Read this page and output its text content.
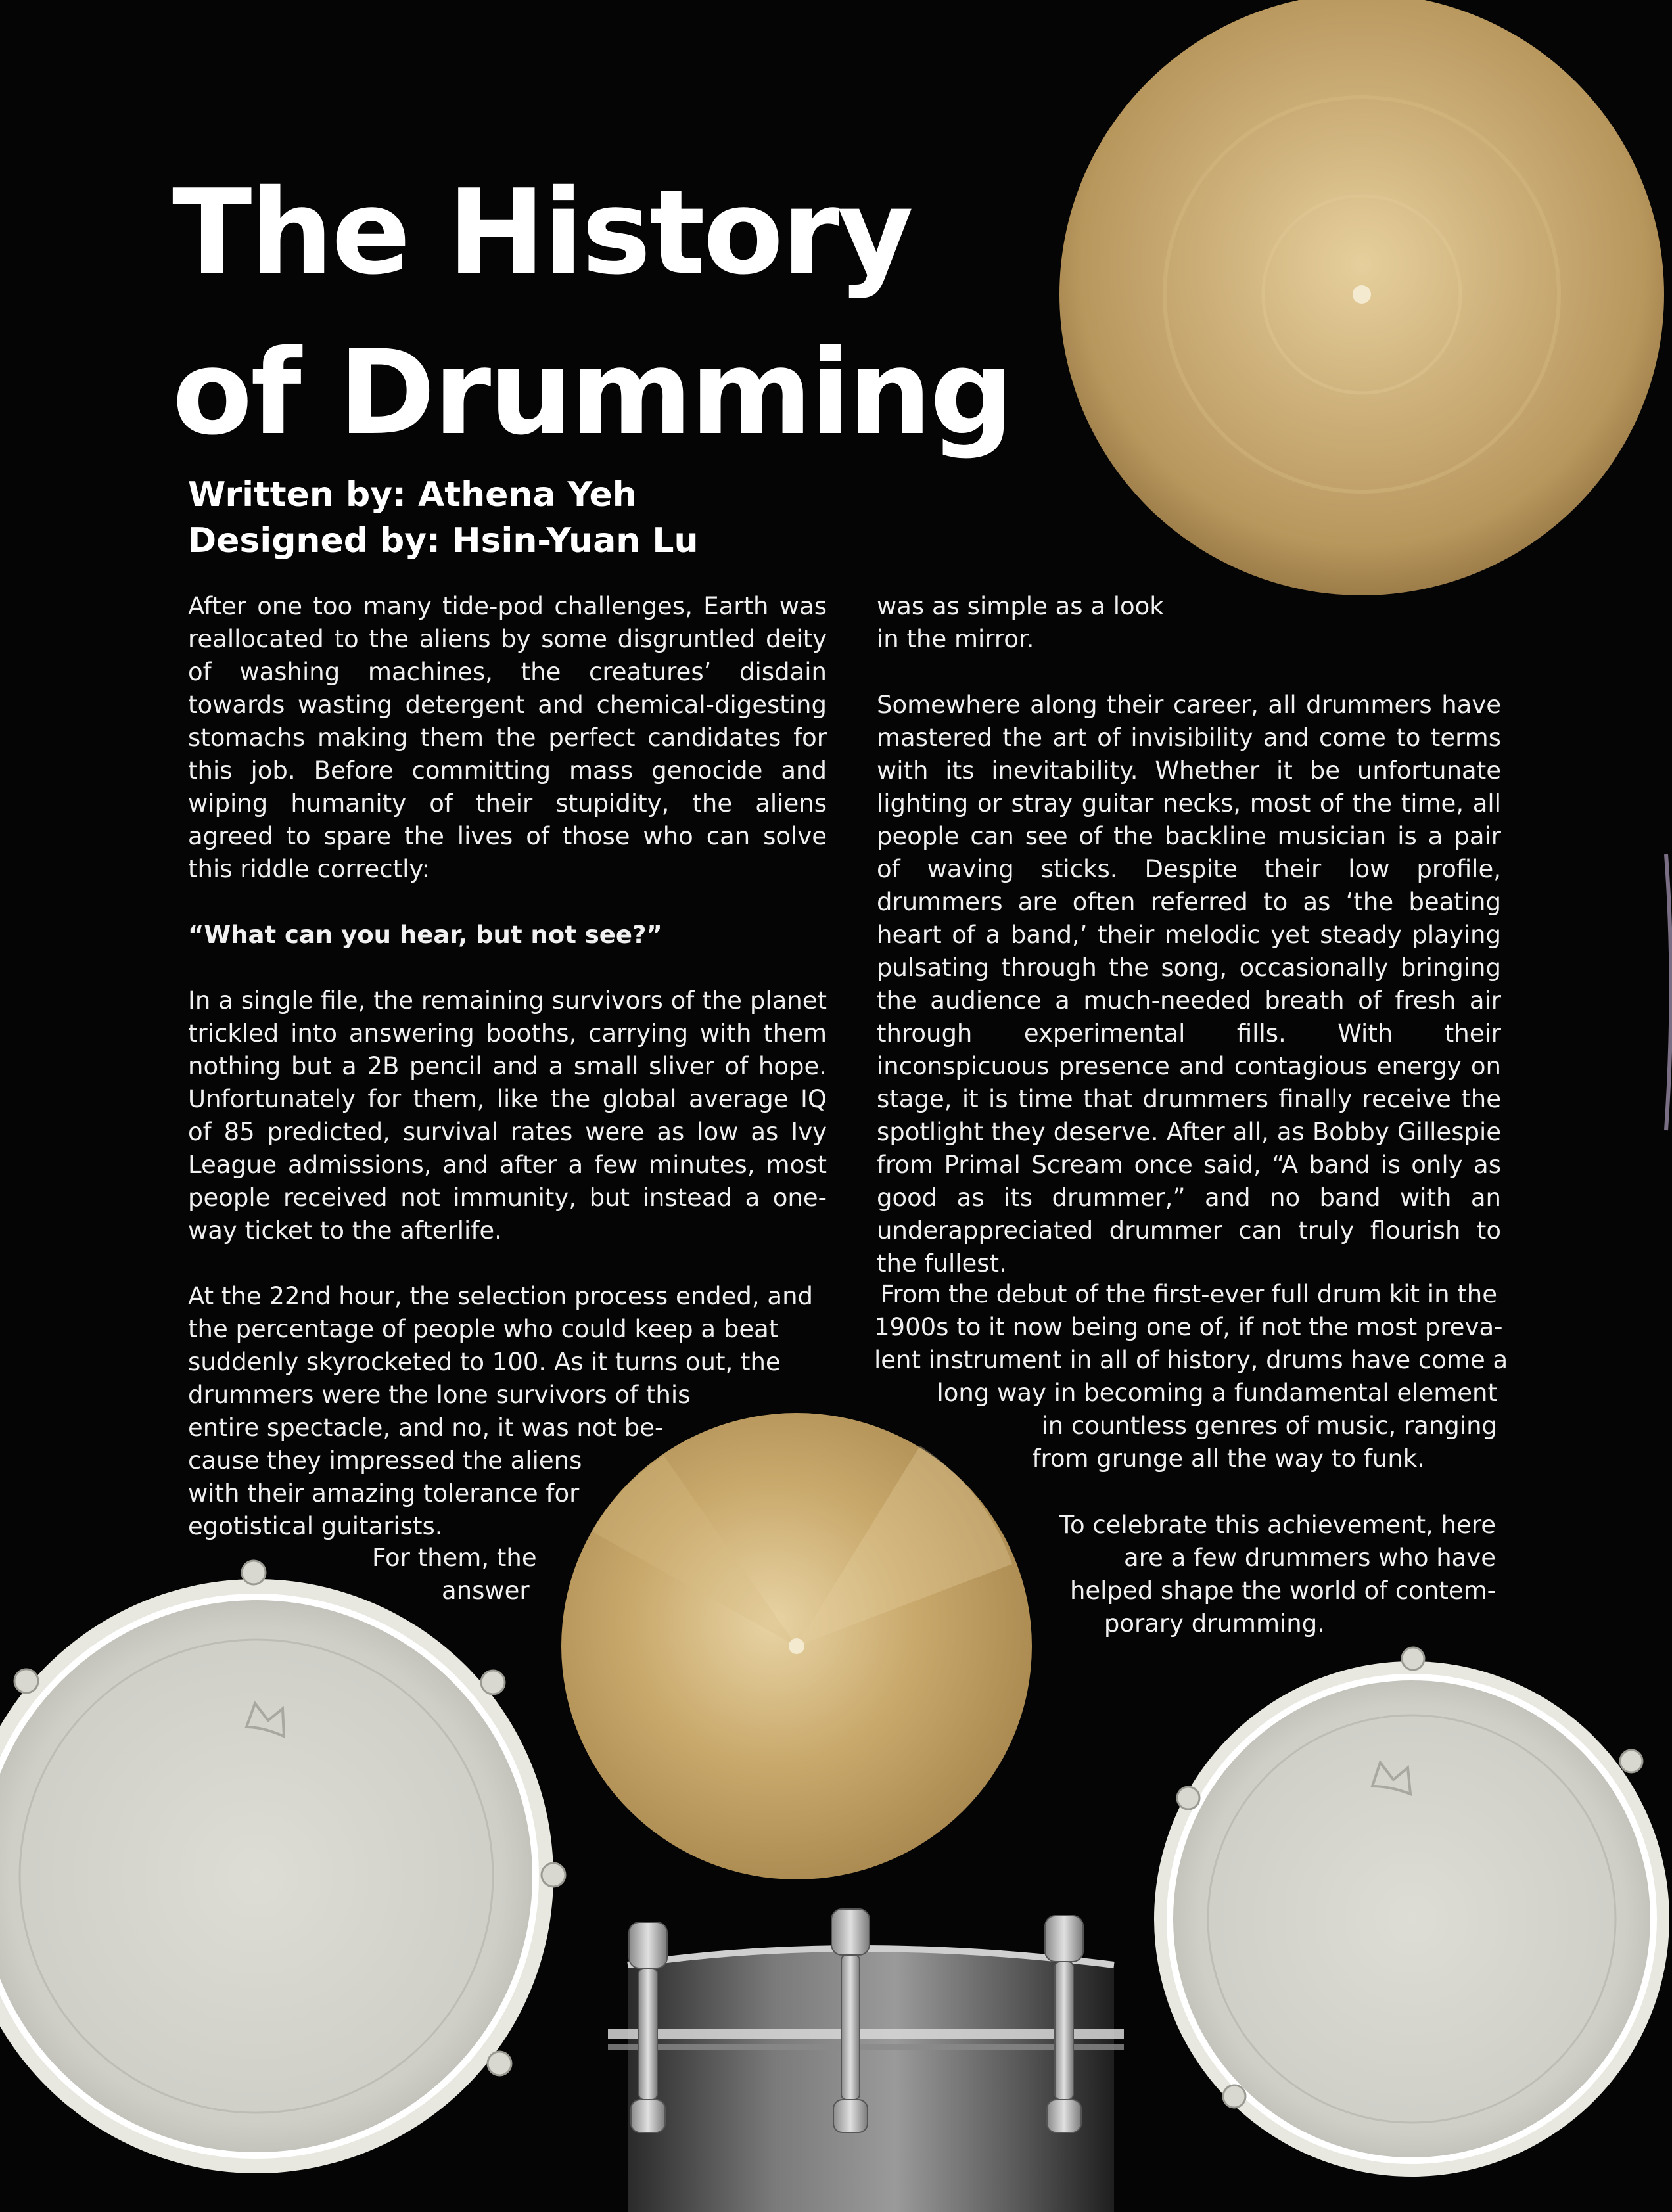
The History
of Drumming
Written by: Athena Yeh
Designed by: Hsin-Yuan Lu

After one too many tide-pod challenges, Earth was reallocated to the aliens by some disgruntled deity of washing machines, the creatures’ disdain towards wasting detergent and chemical-digesting stomachs making them the perfect candidates for this job. Before committing mass genocide and wiping humanity of their stupidity, the aliens agreed to spare the lives of those who can solve this riddle correctly:

“What can you hear, but not see?”

In a single file, the remaining survivors of the planet trickled into answering booths, carrying with them nothing but a 2B pencil and a small sliver of hope. Unfortunately for them, like the global average IQ of 85 predicted, survival rates were as low as Ivy League admissions, and after a few minutes, most people received not immunity, but instead a one-way ticket to the afterlife.

At the 22nd hour, the selection process ended, and
the percentage of people who could keep a beat
suddenly skyrocketed to 100. As it turns out, the
drummers were the lone survivors of this
entire spectacle, and no, it was not be-
cause they impressed the aliens
with their amazing tolerance for
egotistical guitarists.
For them, the
answer
was as simple as a look
in the mirror.

Somewhere along their career, all drummers have mastered the art of invisibility and come to terms with its inevitability. Whether it be unfortunate lighting or stray guitar necks, most of the time, all people can see of the backline musician is a pair of waving sticks. Despite their low profile, drummers are often referred to as ‘the beating heart of a band,’ their melodic yet steady playing pulsating through the song, occasionally bringing the audience a much-needed breath of fresh air through experimental fills. With their inconspicuous presence and contagious energy on stage, it is time that drummers finally receive the spotlight they deserve. After all, as Bobby Gillespie from Primal Scream once said, “A band is only as good as its drummer,” and no band with an underappreciated drummer can truly flourish to the fullest.

From the debut of the first-ever full drum kit in the
1900s to it now being one of, if not the most preva-
lent instrument in all of history, drums have come a
long way in becoming a fundamental element
in countless genres of music, ranging
from grunge all the way to funk.
To celebrate this achievement, here
are a few drummers who have
helped shape the world of contem-
porary drumming.
